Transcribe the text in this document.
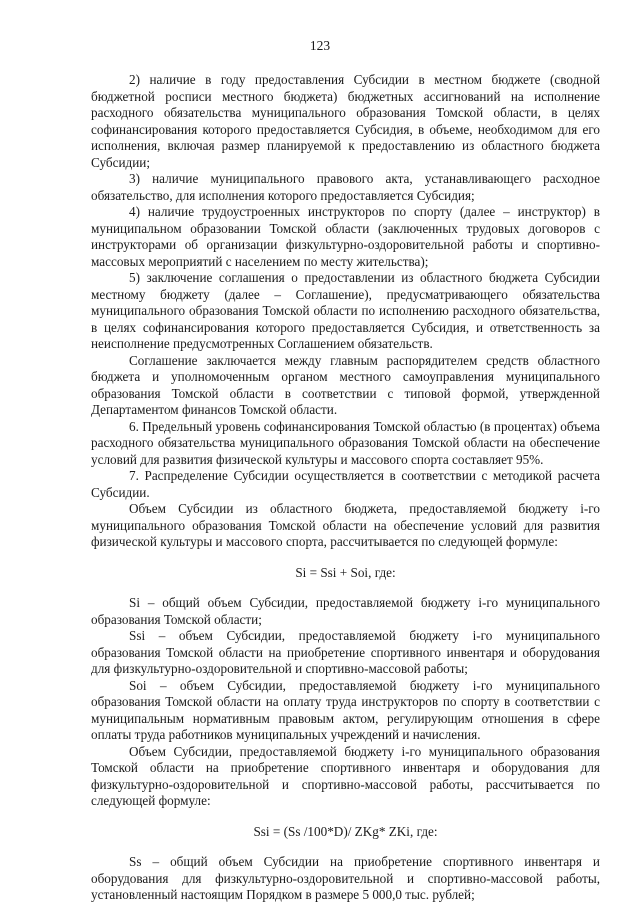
123

2) наличие в году предоставления Субсидии в местном бюджете (сводной бюджетной росписи местного бюджета) бюджетных ассигнований на исполнение расходного обязательства муниципального образования Томской области, в целях софинансирования которого предоставляется Субсидия, в объеме, необходимом для его исполнения, включая размер планируемой к предоставлению из областного бюджета Субсидии;

3) наличие муниципального правового акта, устанавливающего расходное обязательство, для исполнения которого предоставляется Субсидия;

4) наличие трудоустроенных инструкторов по спорту (далее – инструктор) в муниципальном образовании Томской области (заключенных трудовых договоров с инструкторами об организации физкультурно-оздоровительной работы и спортивно-массовых мероприятий с населением по месту жительства);

5) заключение соглашения о предоставлении из областного бюджета Субсидии местному бюджету (далее – Соглашение), предусматривающего обязательства муниципального образования Томской области по исполнению расходного обязательства, в целях софинансирования которого предоставляется Субсидия, и ответственность за неисполнение предусмотренных Соглашением обязательств.

Соглашение заключается между главным распорядителем средств областного бюджета и уполномоченным органом местного самоуправления муниципального образования Томской области в соответствии с типовой формой, утвержденной Департаментом финансов Томской области.

6. Предельный уровень софинансирования Томской областью (в процентах) объема расходного обязательства муниципального образования Томской области на обеспечение условий для развития физической культуры и массового спорта составляет 95%.

7. Распределение Субсидии осуществляется в соответствии с методикой расчета Субсидии.

Объем Субсидии из областного бюджета, предоставляемой бюджету i-го муниципального образования Томской области на обеспечение условий для развития физической культуры и массового спорта, рассчитывается по следующей формуле:

Si = Ssi + Soi, где:

Si – общий объем Субсидии, предоставляемой бюджету i-го муниципального образования Томской области;

Ssi – объем Субсидии, предоставляемой бюджету i-го муниципального образования Томской области на приобретение спортивного инвентаря и оборудования для физкультурно-оздоровительной и спортивно-массовой работы;

Soi – объем Субсидии, предоставляемой бюджету i-го муниципального образования Томской области на оплату труда инструкторов по спорту в соответствии с муниципальным нормативным правовым актом, регулирующим отношения в сфере оплаты труда работников муниципальных учреждений и начисления.

Объем Субсидии, предоставляемой бюджету i-го муниципального образования Томской области на приобретение спортивного инвентаря и оборудования для физкультурно-оздоровительной и спортивно-массовой работы, рассчитывается по следующей формуле:

Ssi = (Ss /100*D)/ ZKg* ZKi, где:

Ss – общий объем Субсидии на приобретение спортивного инвентаря и оборудования для физкультурно-оздоровительной и спортивно-массовой работы, установленный настоящим Порядком в размере 5 000,0 тыс. рублей;
